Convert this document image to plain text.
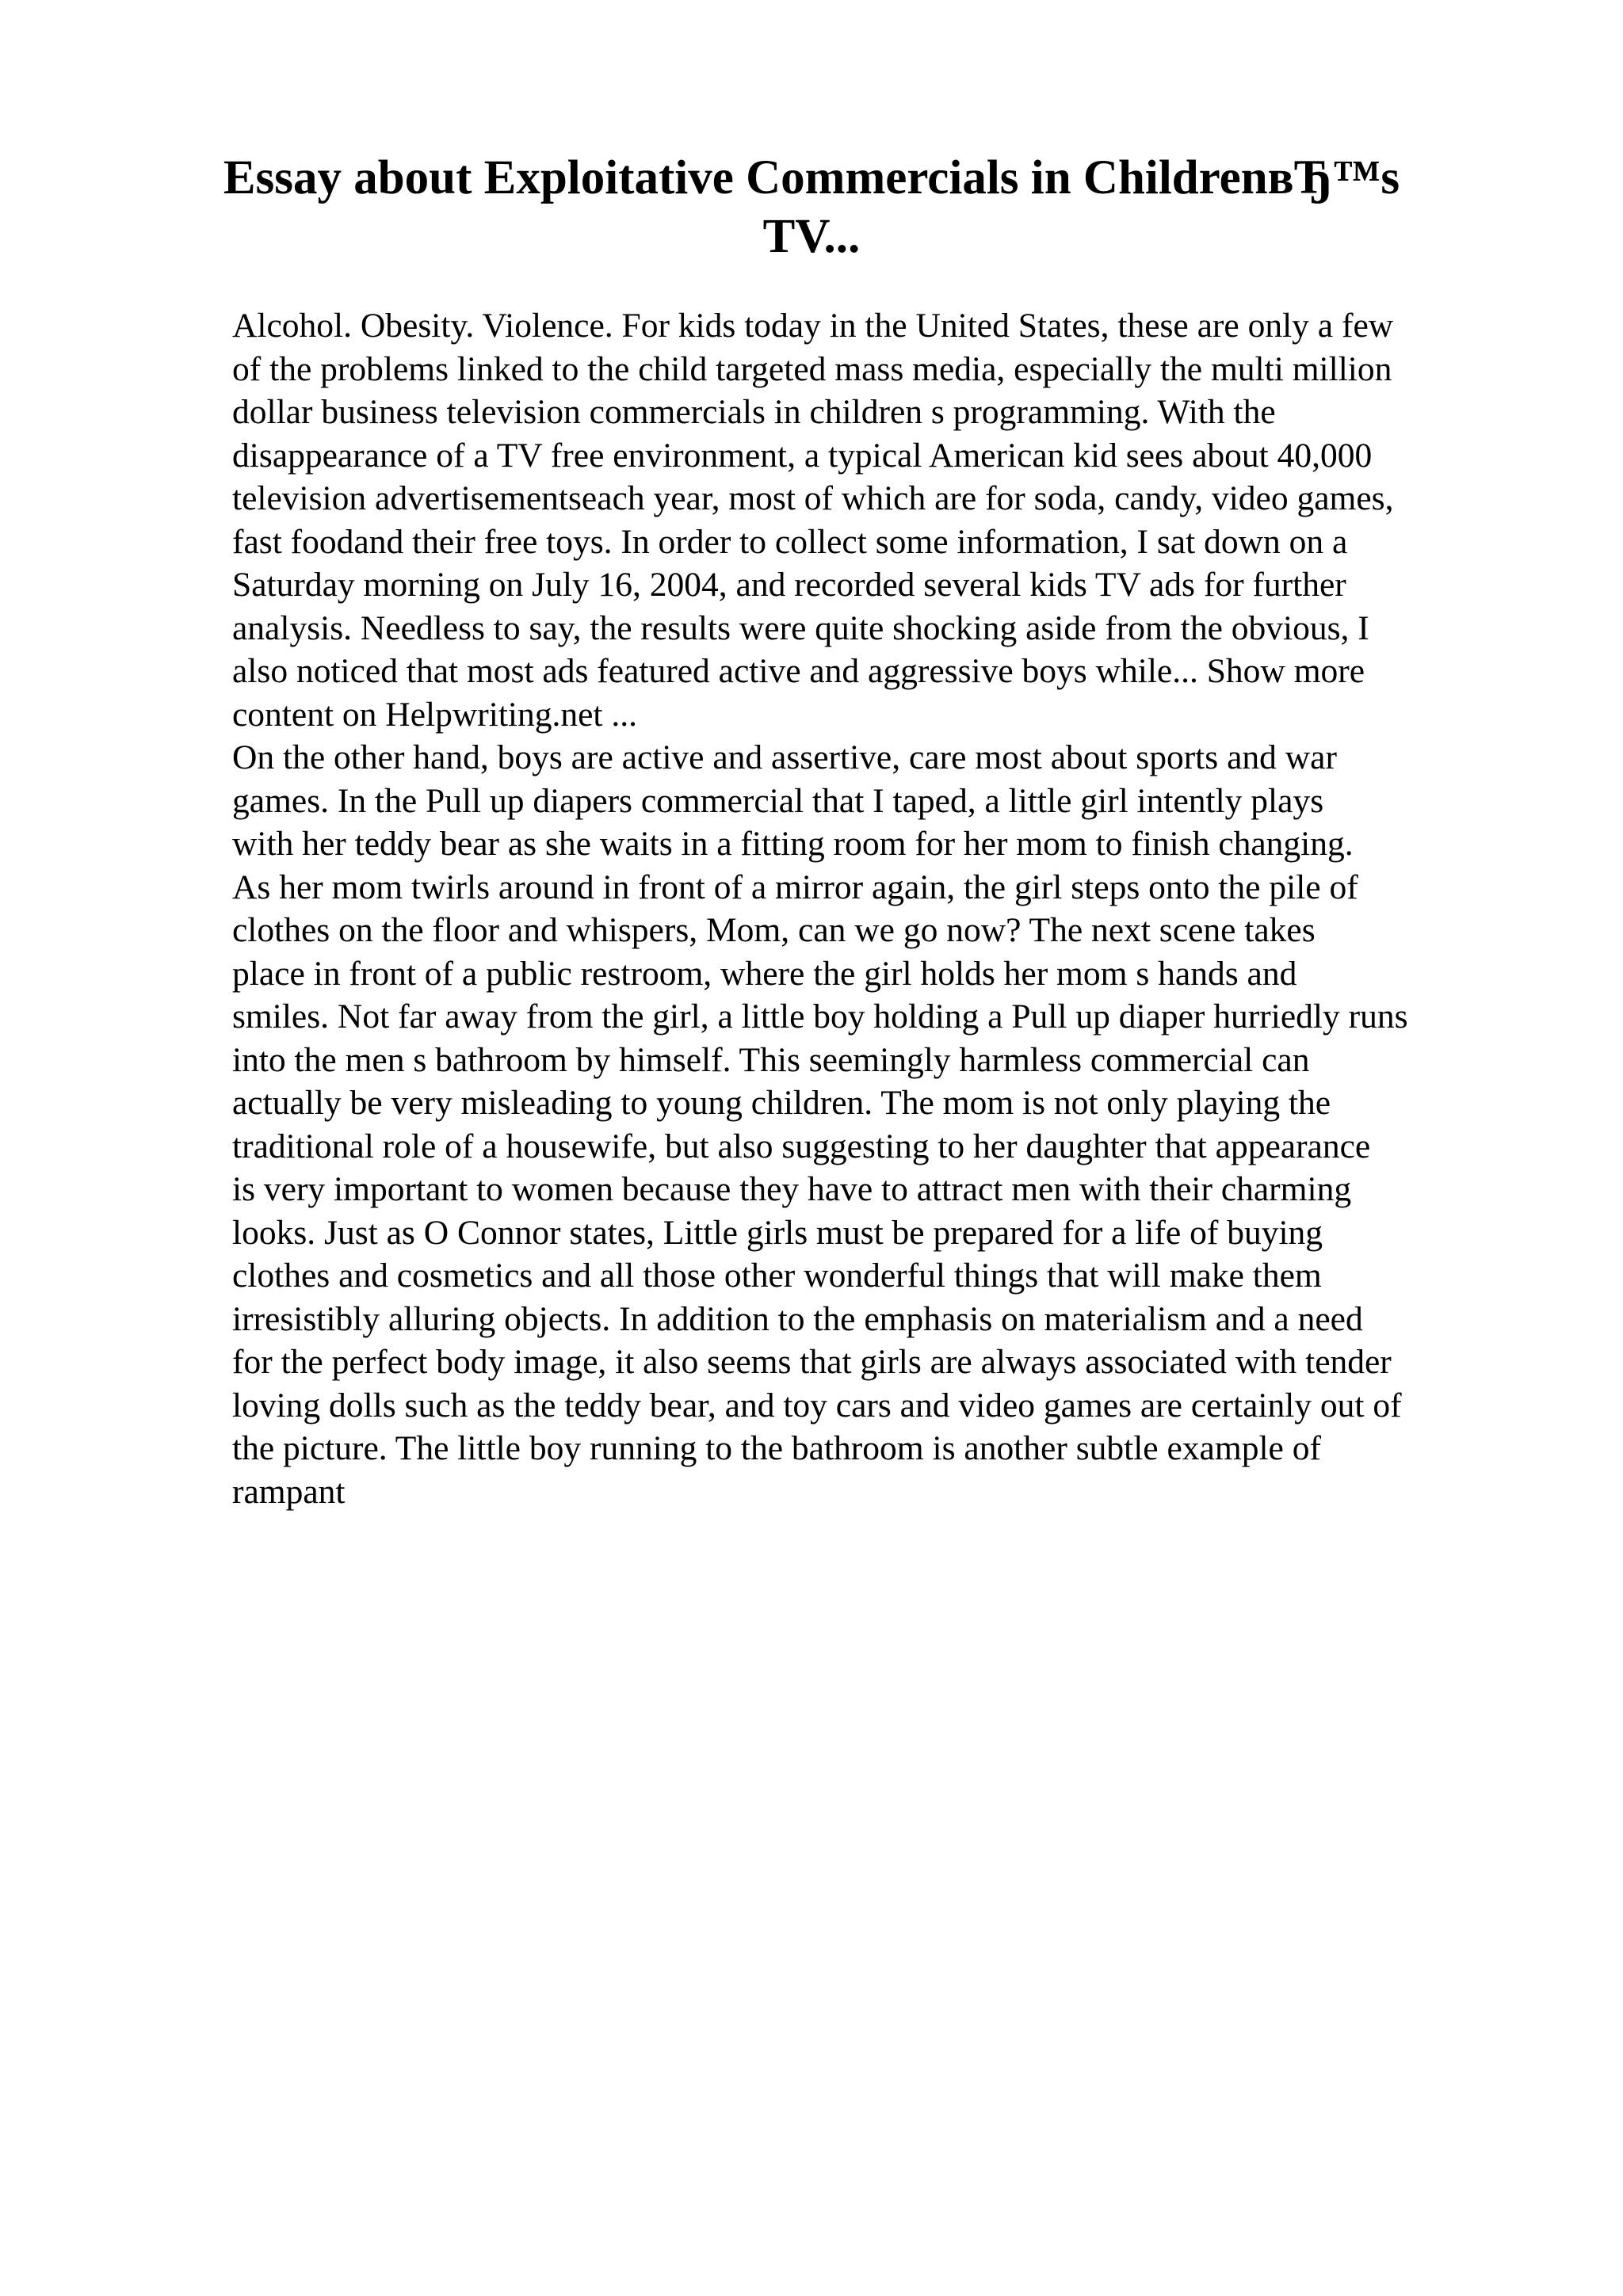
Essay about Exploitative Commercials in ChildrenвЂ™s
TV...
Alcohol. Obesity. Violence. For kids today in the United States, these are only a few
of the problems linked to the child targeted mass media, especially the multi million
dollar business television commercials in children s programming. With the
disappearance of a TV free environment, a typical American kid sees about 40,000
television advertisementseach year, most of which are for soda, candy, video games,
fast foodand their free toys. In order to collect some information, I sat down on a
Saturday morning on July 16, 2004, and recorded several kids TV ads for further
analysis. Needless to say, the results were quite shocking aside from the obvious, I
also noticed that most ads featured active and aggressive boys while... Show more
content on Helpwriting.net ...
On the other hand, boys are active and assertive, care most about sports and war
games. In the Pull up diapers commercial that I taped, a little girl intently plays
with her teddy bear as she waits in a fitting room for her mom to finish changing.
As her mom twirls around in front of a mirror again, the girl steps onto the pile of
clothes on the floor and whispers, Mom, can we go now? The next scene takes
place in front of a public restroom, where the girl holds her mom s hands and
smiles. Not far away from the girl, a little boy holding a Pull up diaper hurriedly runs
into the men s bathroom by himself. This seemingly harmless commercial can
actually be very misleading to young children. The mom is not only playing the
traditional role of a housewife, but also suggesting to her daughter that appearance
is very important to women because they have to attract men with their charming
looks. Just as O Connor states, Little girls must be prepared for a life of buying
clothes and cosmetics and all those other wonderful things that will make them
irresistibly alluring objects. In addition to the emphasis on materialism and a need
for the perfect body image, it also seems that girls are always associated with tender
loving dolls such as the teddy bear, and toy cars and video games are certainly out of
the picture. The little boy running to the bathroom is another subtle example of
rampant
